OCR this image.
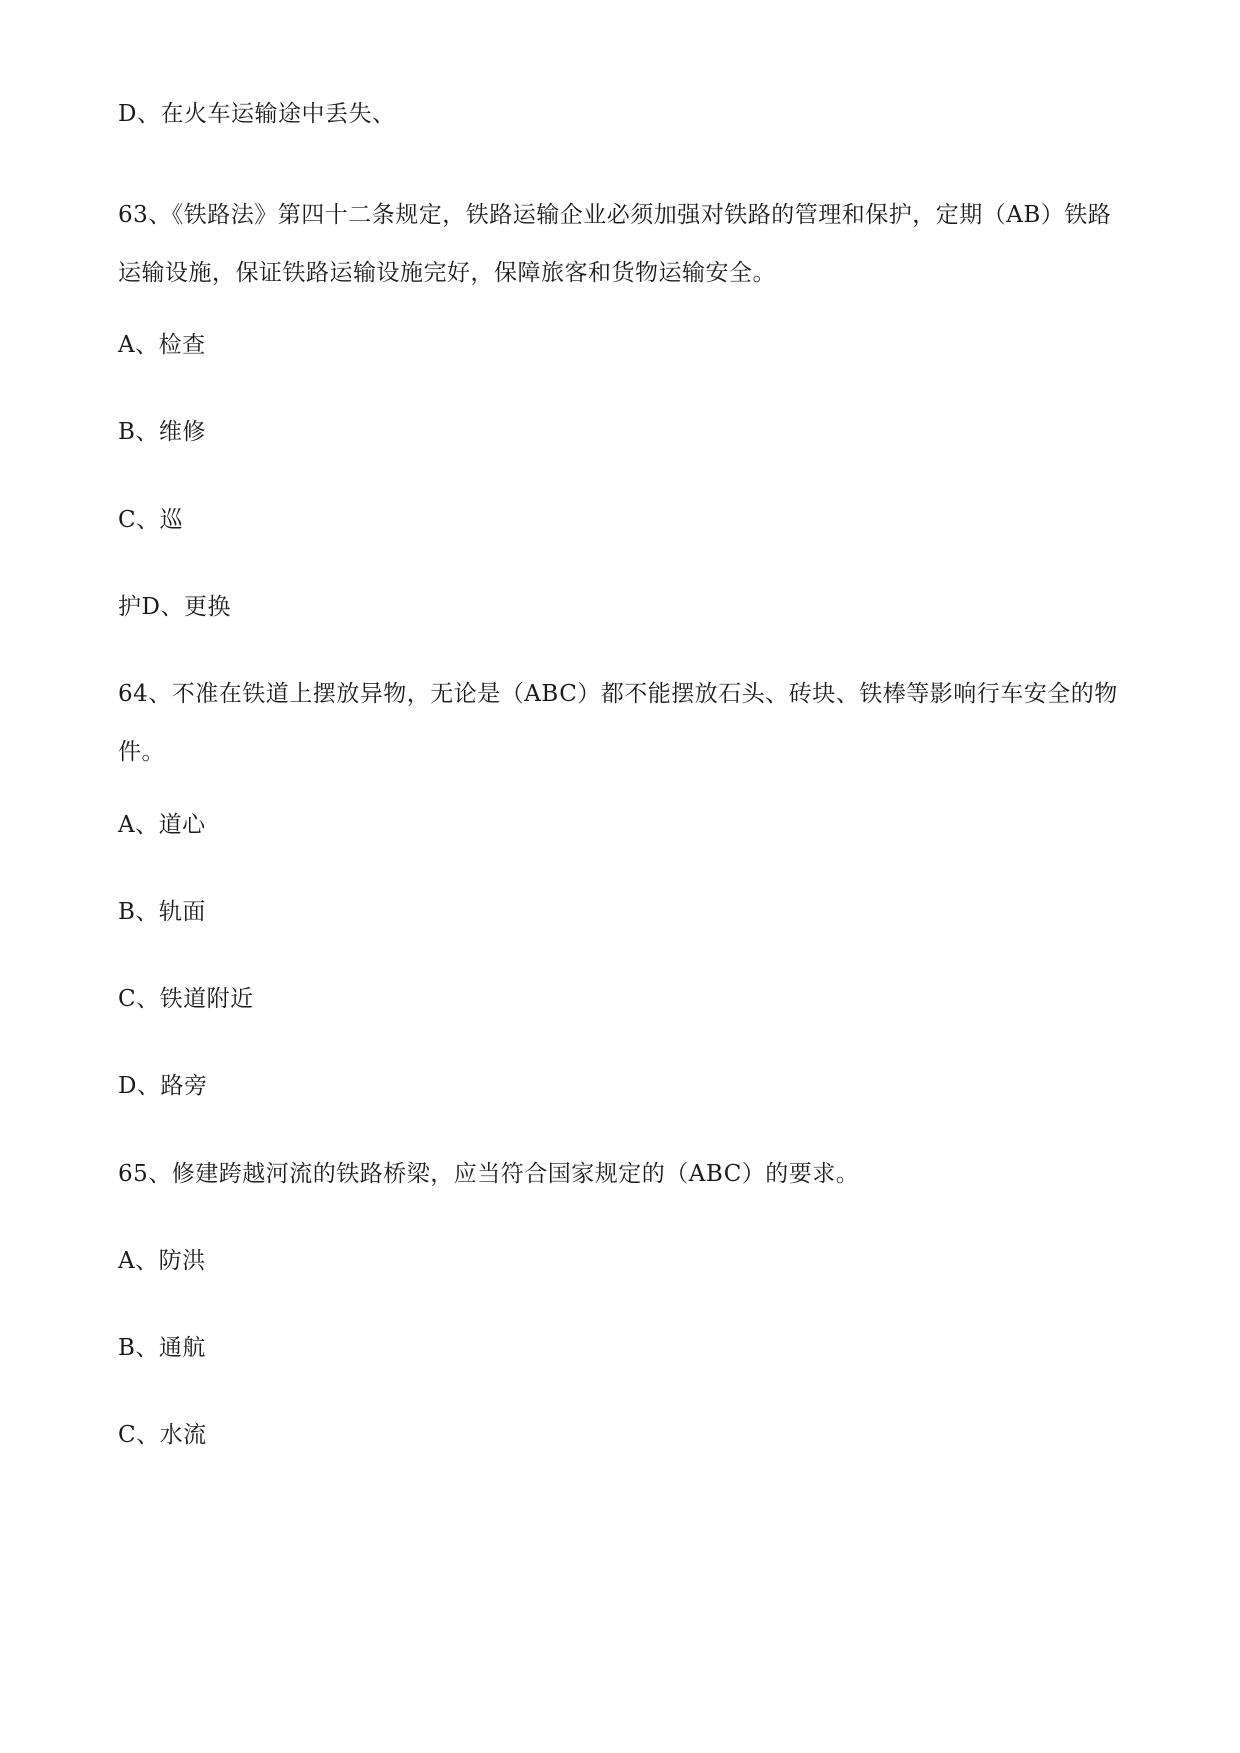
D、在火车运输途中丢失、
63、《铁路法》第四十二条规定，铁路运输企业必须加强对铁路的管理和保护，定期（AB）铁路运输设施，保证铁路运输设施完好，保障旅客和货物运输安全。
A、检查
B、维修
C、巡
护D、更换
64、不准在铁道上摆放异物，无论是（ABC）都不能摆放石头、砖块、铁棒等影响行车安全的物件。
A、道心
B、轨面
C、铁道附近
D、路旁
65、修建跨越河流的铁路桥梁，应当符合国家规定的（ABC）的要求。
A、防洪
B、通航
C、水流
